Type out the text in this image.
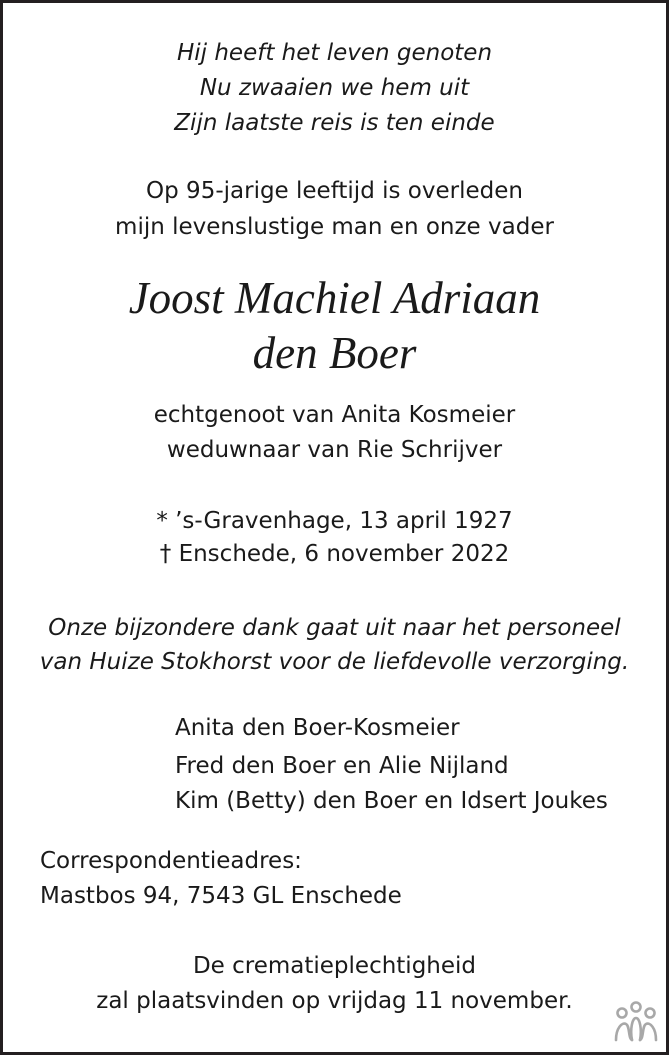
Hij heeft het leven genoten
Nu zwaaien we hem uit
Zijn laatste reis is ten einde
Op 95-jarige leeftijd is overleden
mijn levenslustige man en onze vader
Joost Machiel Adriaan
den Boer
echtgenoot van Anita Kosmeier
weduwnaar van Rie Schrijver
* ’s-Gravenhage, 13 april 1927
† Enschede, 6 november 2022
Onze bijzondere dank gaat uit naar het personeel
van Huize Stokhorst voor de liefdevolle verzorging.
Anita den Boer-Kosmeier
Fred den Boer en Alie Nijland
Kim (Betty) den Boer en Idsert Joukes
Correspondentieadres:
Mastbos 94, 7543 GL Enschede
De crematieplechtigheid
zal plaatsvinden op vrijdag 11 november.
